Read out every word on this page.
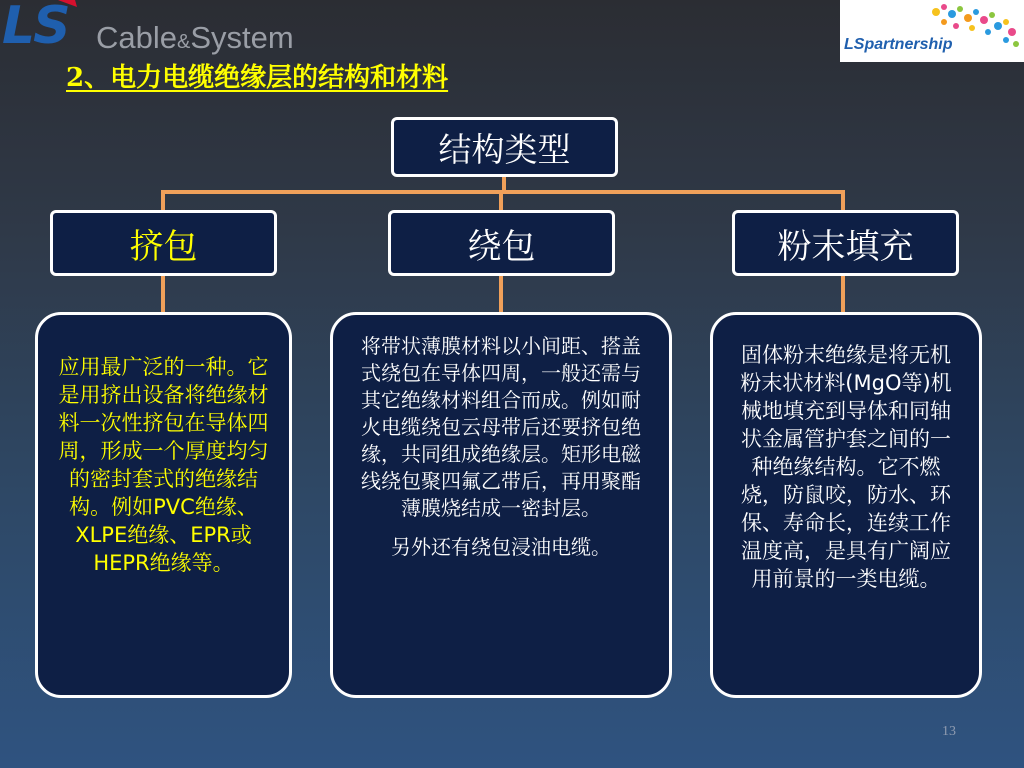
LS Cable&System	LSpartnership
2、电力电缆绝缘层的结构和材料
结构类型
挤包	绕包	粉末填充

应用最广泛的一种。它是用挤出设备将绝缘材料一次性挤包在导体四周，形成一个厚度均匀的密封套式的绝缘结构。例如PVC绝缘、XLPE绝缘、EPR或HEPR绝缘等。

将带状薄膜材料以小间距、搭盖式绕包在导体四周，一般还需与其它绝缘材料组合而成。例如耐火电缆绕包云母带后还要挤包绝缘，共同组成绝缘层。矩形电磁线绕包聚四氟乙带后，再用聚酯薄膜烧结成一密封层。

另外还有绕包浸油电缆。

固体粉末绝缘是将无机粉末状材料(MgO等)机械地填充到导体和同轴状金属管护套之间的一种绝缘结构。它不燃烧，防鼠咬，防水、环保、寿命长，连续工作温度高，是具有广阔应用前景的一类电缆。

13
